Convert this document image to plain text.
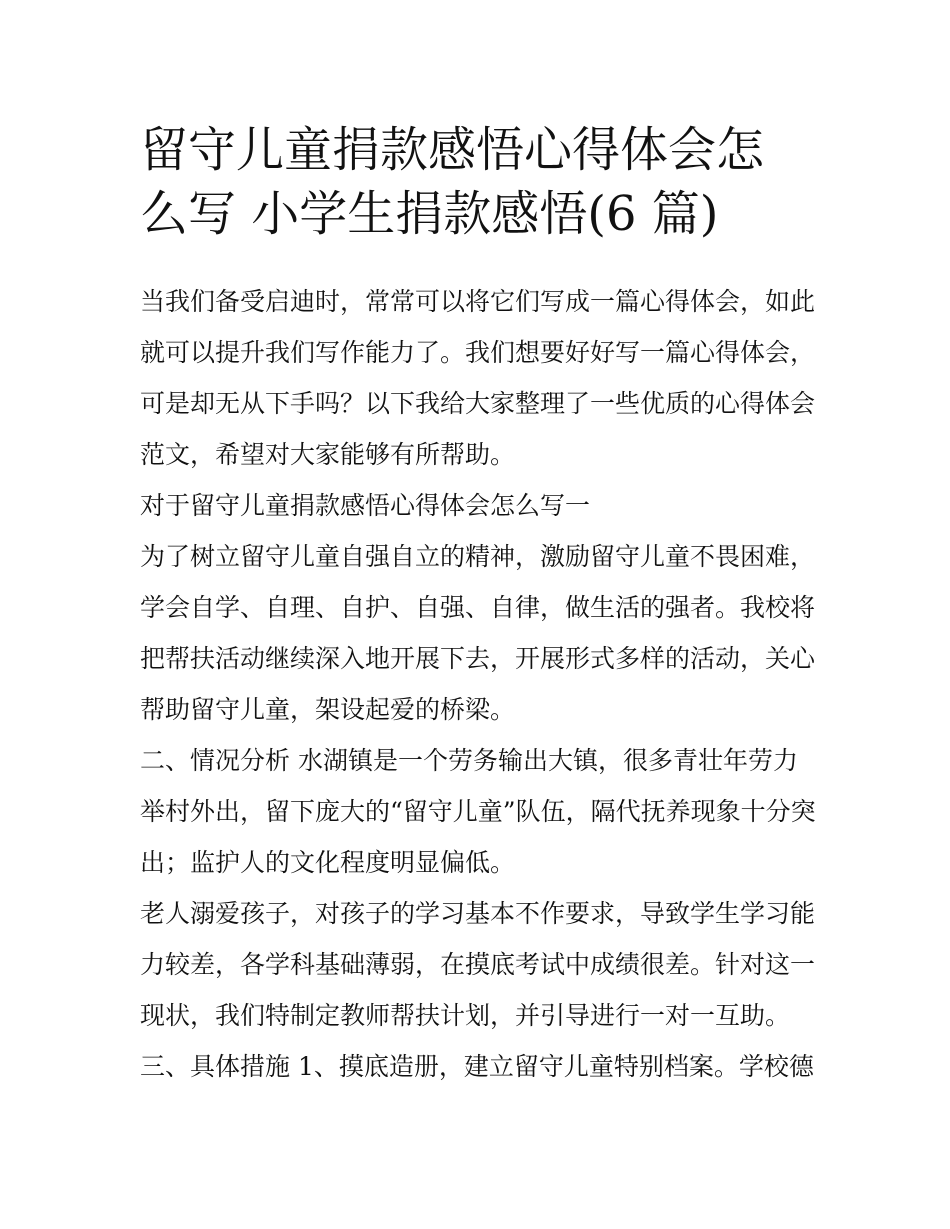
留守儿童捐款感悟心得体会怎
么写 小学生捐款感悟(6 篇)
当我们备受启迪时，常常可以将它们写成一篇心得体会，如此
就可以提升我们写作能力了。我们想要好好写一篇心得体会，
可是却无从下手吗？以下我给大家整理了一些优质的心得体会
范文，希望对大家能够有所帮助。
对于留守儿童捐款感悟心得体会怎么写一
为了树立留守儿童自强自立的精神，激励留守儿童不畏困难，
学会自学、自理、自护、自强、自律，做生活的强者。我校将
把帮扶活动继续深入地开展下去，开展形式多样的活动，关心
帮助留守儿童，架设起爱的桥梁。
二、情况分析 水湖镇是一个劳务输出大镇，很多青壮年劳力
举村外出，留下庞大的“留守儿童”队伍，隔代抚养现象十分突
出；监护人的文化程度明显偏低。
老人溺爱孩子，对孩子的学习基本不作要求，导致学生学习能
力较差，各学科基础薄弱，在摸底考试中成绩很差。针对这一
现状，我们特制定教师帮扶计划，并引导进行一对一互助。
三、具体措施 1、摸底造册，建立留守儿童特别档案。学校德
